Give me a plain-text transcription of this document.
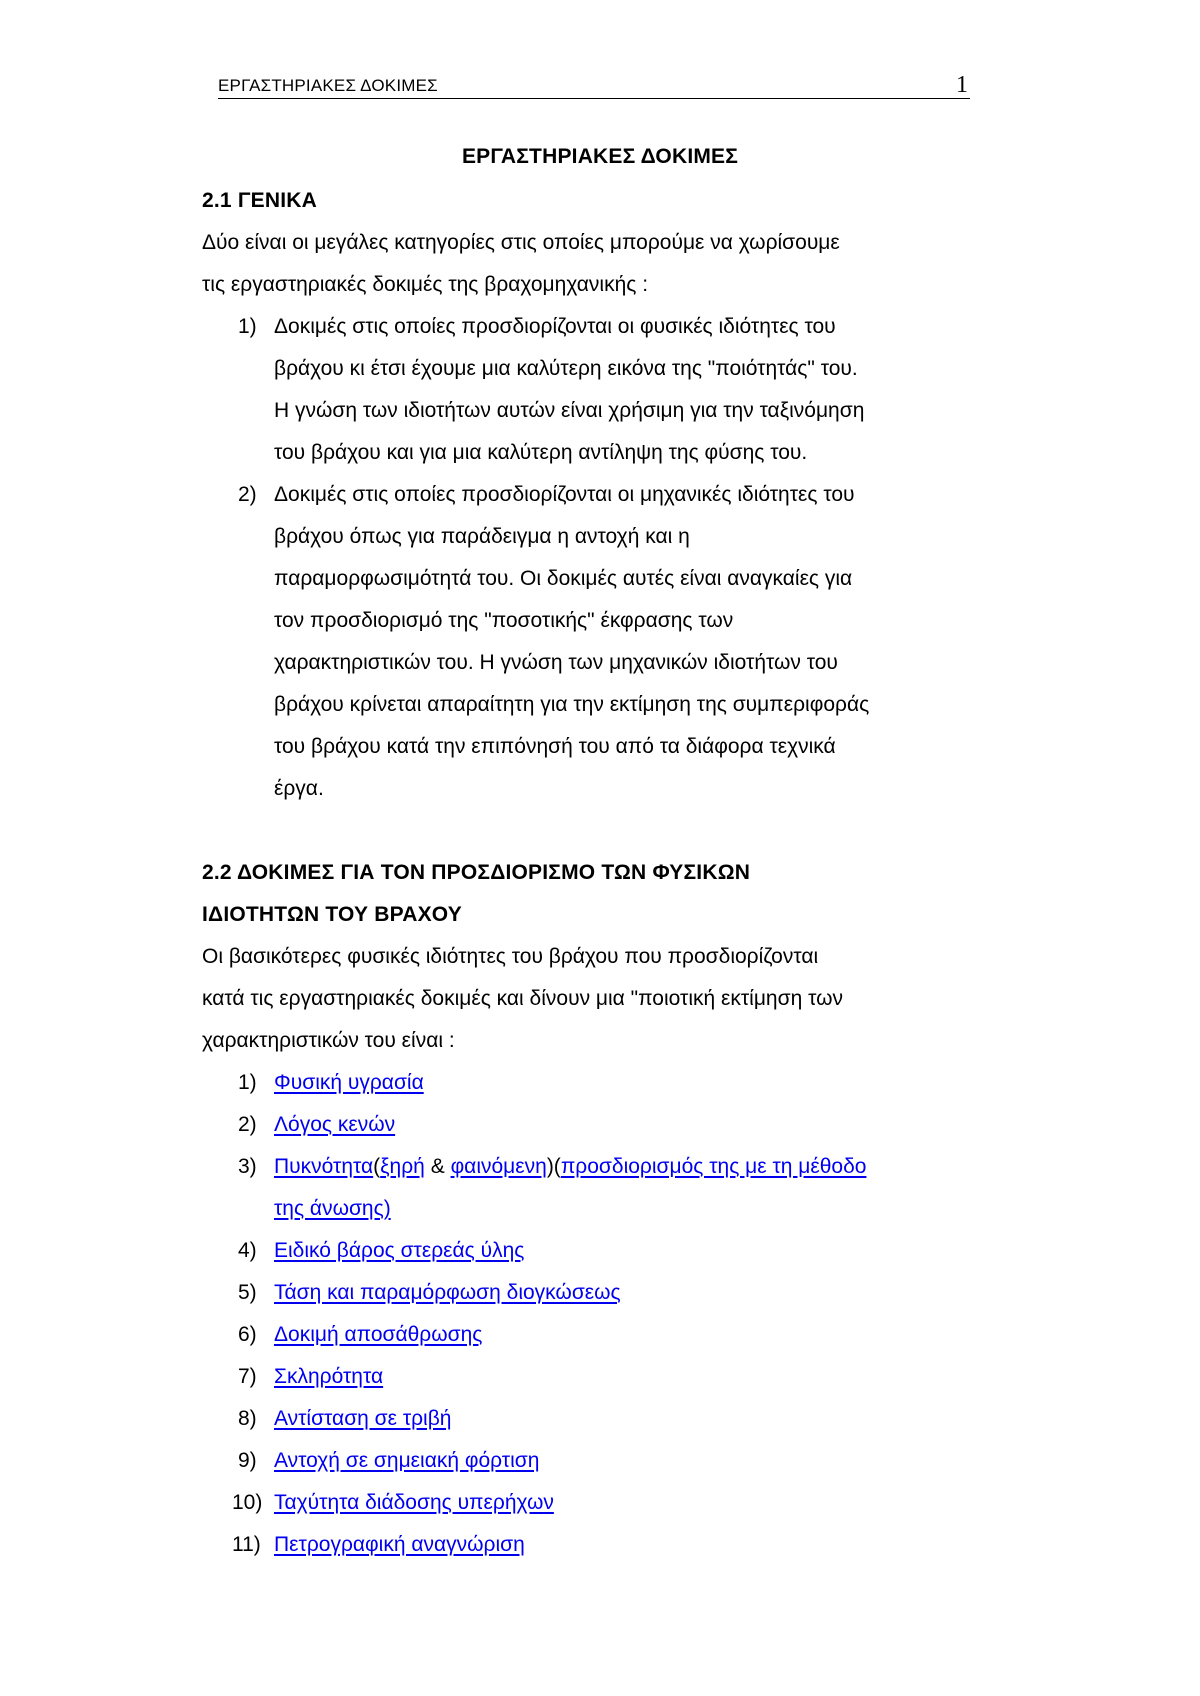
ΕΡΓΑΣΤΗΡΙΑΚΕΣ ΔΟΚΙΜΕΣ	1
ΕΡΓΑΣΤΗΡΙΑΚΕΣ ΔΟΚΙΜΕΣ
2.1 ΓΕΝΙΚΑ
Δύο είναι οι μεγάλες κατηγορίες στις οποίες μπορούμε να χωρίσουμε
τις εργαστηριακές δοκιμές της βραχομηχανικής :
1) Δοκιμές στις οποίες προσδιορίζονται οι φυσικές ιδιότητες του
βράχου κι έτσι έχουμε μια καλύτερη εικόνα της "ποιότητάς" του.
Η γνώση των ιδιοτήτων αυτών είναι χρήσιμη για την ταξινόμηση
του βράχου και για μια καλύτερη αντίληψη της φύσης του.
2) Δοκιμές στις οποίες προσδιορίζονται οι μηχανικές ιδιότητες του
βράχου όπως για παράδειγμα η αντοχή και η
παραμορφωσιμότητά του. Οι δοκιμές αυτές είναι αναγκαίες για
τον προσδιορισμό της "ποσοτικής" έκφρασης των
χαρακτηριστικών του. Η γνώση των μηχανικών ιδιοτήτων του
βράχου κρίνεται απαραίτητη για την εκτίμηση της συμπεριφοράς
του βράχου κατά την επιπόνησή του από τα διάφορα τεχνικά
έργα.
2.2 ΔΟΚΙΜΕΣ ΓΙΑ ΤΟΝ ΠΡΟΣΔΙΟΡΙΣΜΟ ΤΩΝ ΦΥΣΙΚΩΝ
ΙΔΙΟΤΗΤΩΝ ΤΟΥ ΒΡΑΧΟΥ
Οι βασικότερες φυσικές ιδιότητες του βράχου που προσδιορίζονται
κατά τις εργαστηριακές δοκιμές και δίνουν μια "ποιοτική εκτίμηση των
χαρακτηριστικών του είναι :
1) Φυσική υγρασία
2) Λόγος κενών
3) Πυκνότητα(ξηρή & φαινόμενη)(προσδιορισμός της με τη μέθοδο
της άνωσης)
4) Ειδικό βάρος στερεάς ύλης
5) Τάση και παραμόρφωση διογκώσεως
6) Δοκιμή αποσάθρωσης
7) Σκληρότητα
8) Αντίσταση σε τριβή
9) Αντοχή σε σημειακή φόρτιση
10) Ταχύτητα διάδοσης υπερήχων
11) Πετρογραφική αναγνώριση
